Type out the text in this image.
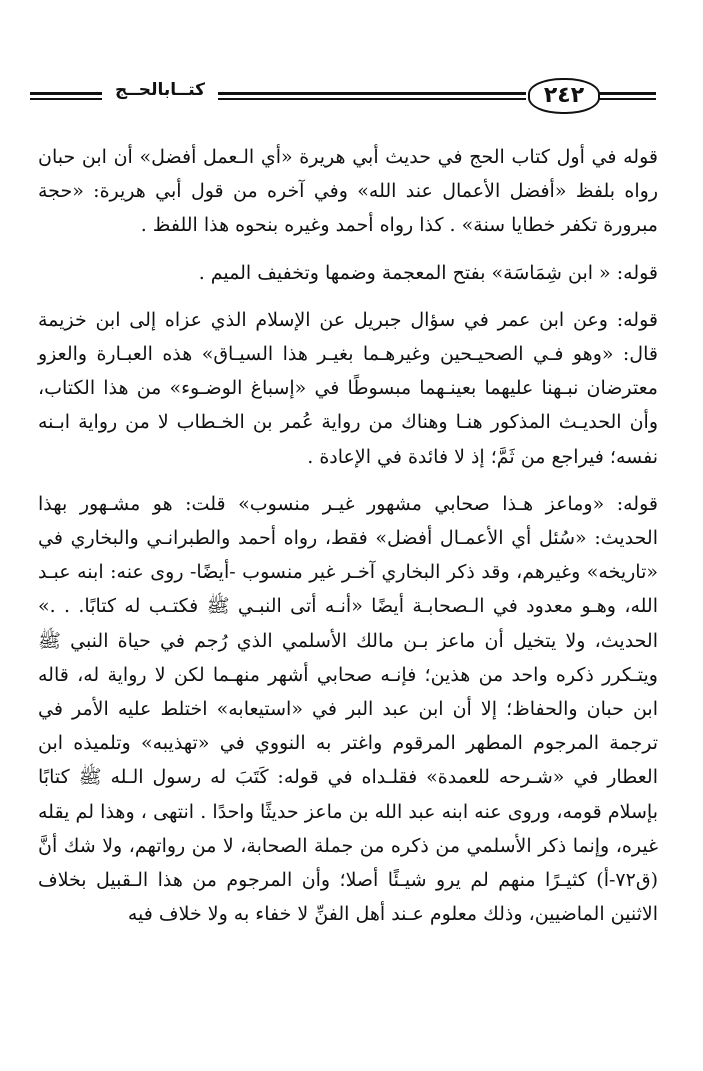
كتــابالحــج	٢٤٢

قوله في أول كتاب الحج في حديث أبي هريرة «أي الـعمل أفضل» أن ابن حبان رواه بلفظ «أفضل الأعمال عند الله» وفي آخره من قول أبي هريرة: «حجة مبرورة تكفر خطايا سنة» . كذا رواه أحمد وغيره بنحوه هذا اللفظ .

قوله: « ابن شِمَاسَة» بفتح المعجمة وضمها وتخفيف الميم .

قوله: وعن ابن عمر في سؤال جبريل عن الإسلام الذي عزاه إلى ابن خزيمة قال: «وهو فـي الصحيـحين وغيرهـما بغيـر هذا السيـاق» هذه العبـارة والعزو معترضان نبـهنا عليهما بعينـهما مبسوطًا في «إسباغ الوضـوء» من هذا الكتاب، وأن الحديـث المذكور هنـا وهناك من رواية عُمر بن الخـطاب لا من رواية ابـنه نفسه؛ فيراجع من ثَمَّ؛ إذ لا فائدة في الإعادة .

قوله: «وماعز هـذا صحابي مشهور غيـر منسوب» قلت: هو مشـهور بهذا الحديث: «سُئل أي الأعمـال أفضل» فقط، رواه أحمد والطبرانـي والبخاري في «تاريخه» وغيرهم، وقد ذكر البخاري آخـر غير منسوب -أيضًا- روى عنه: ابنه عبـد الله، وهـو معدود في الـصحابـة أيضًا «أنـه أتى النبـي ﷺ فكتـب له كتابًا. . .» الحديث، ولا يتخيل أن ماعز بـن مالك الأسلمي الذي رُجم في حياة النبي ﷺ ويتـكرر ذكره واحد من هذين؛ فإنـه صحابي أشهر منهـما لكن لا رواية له، قاله ابن حبان والحفاظ؛ إلا أن ابن عبد البر في «استيعابه» اختلط عليه الأمر في ترجمة المرجوم المطهر المرقوم واغتر به النووي في «تهذيبه» وتلميذه ابن العطار في «شـرحه للعمدة» فقلـداه في قوله: كَتَبَ له رسول الـله ﷺ كتابًا بإسلام قومه، وروى عنه ابنه عبد الله بن ماعز حديثًا واحدًا . انتهى ، وهذا لم يقله غيره، وإنما ذكر الأسلمي من ذكره من جملة الصحابة، لا من رواتهم، ولا شك أنَّ (ق٧٢-أ) كثيـرًا منهم لم يرو شيـئًا أصلا؛ وأن المرجوم من هذا الـقبيل بخلاف الاثنين الماضيين، وذلك معلوم عـند أهل الفنِّ لا خفاء به ولا خلاف فيه
